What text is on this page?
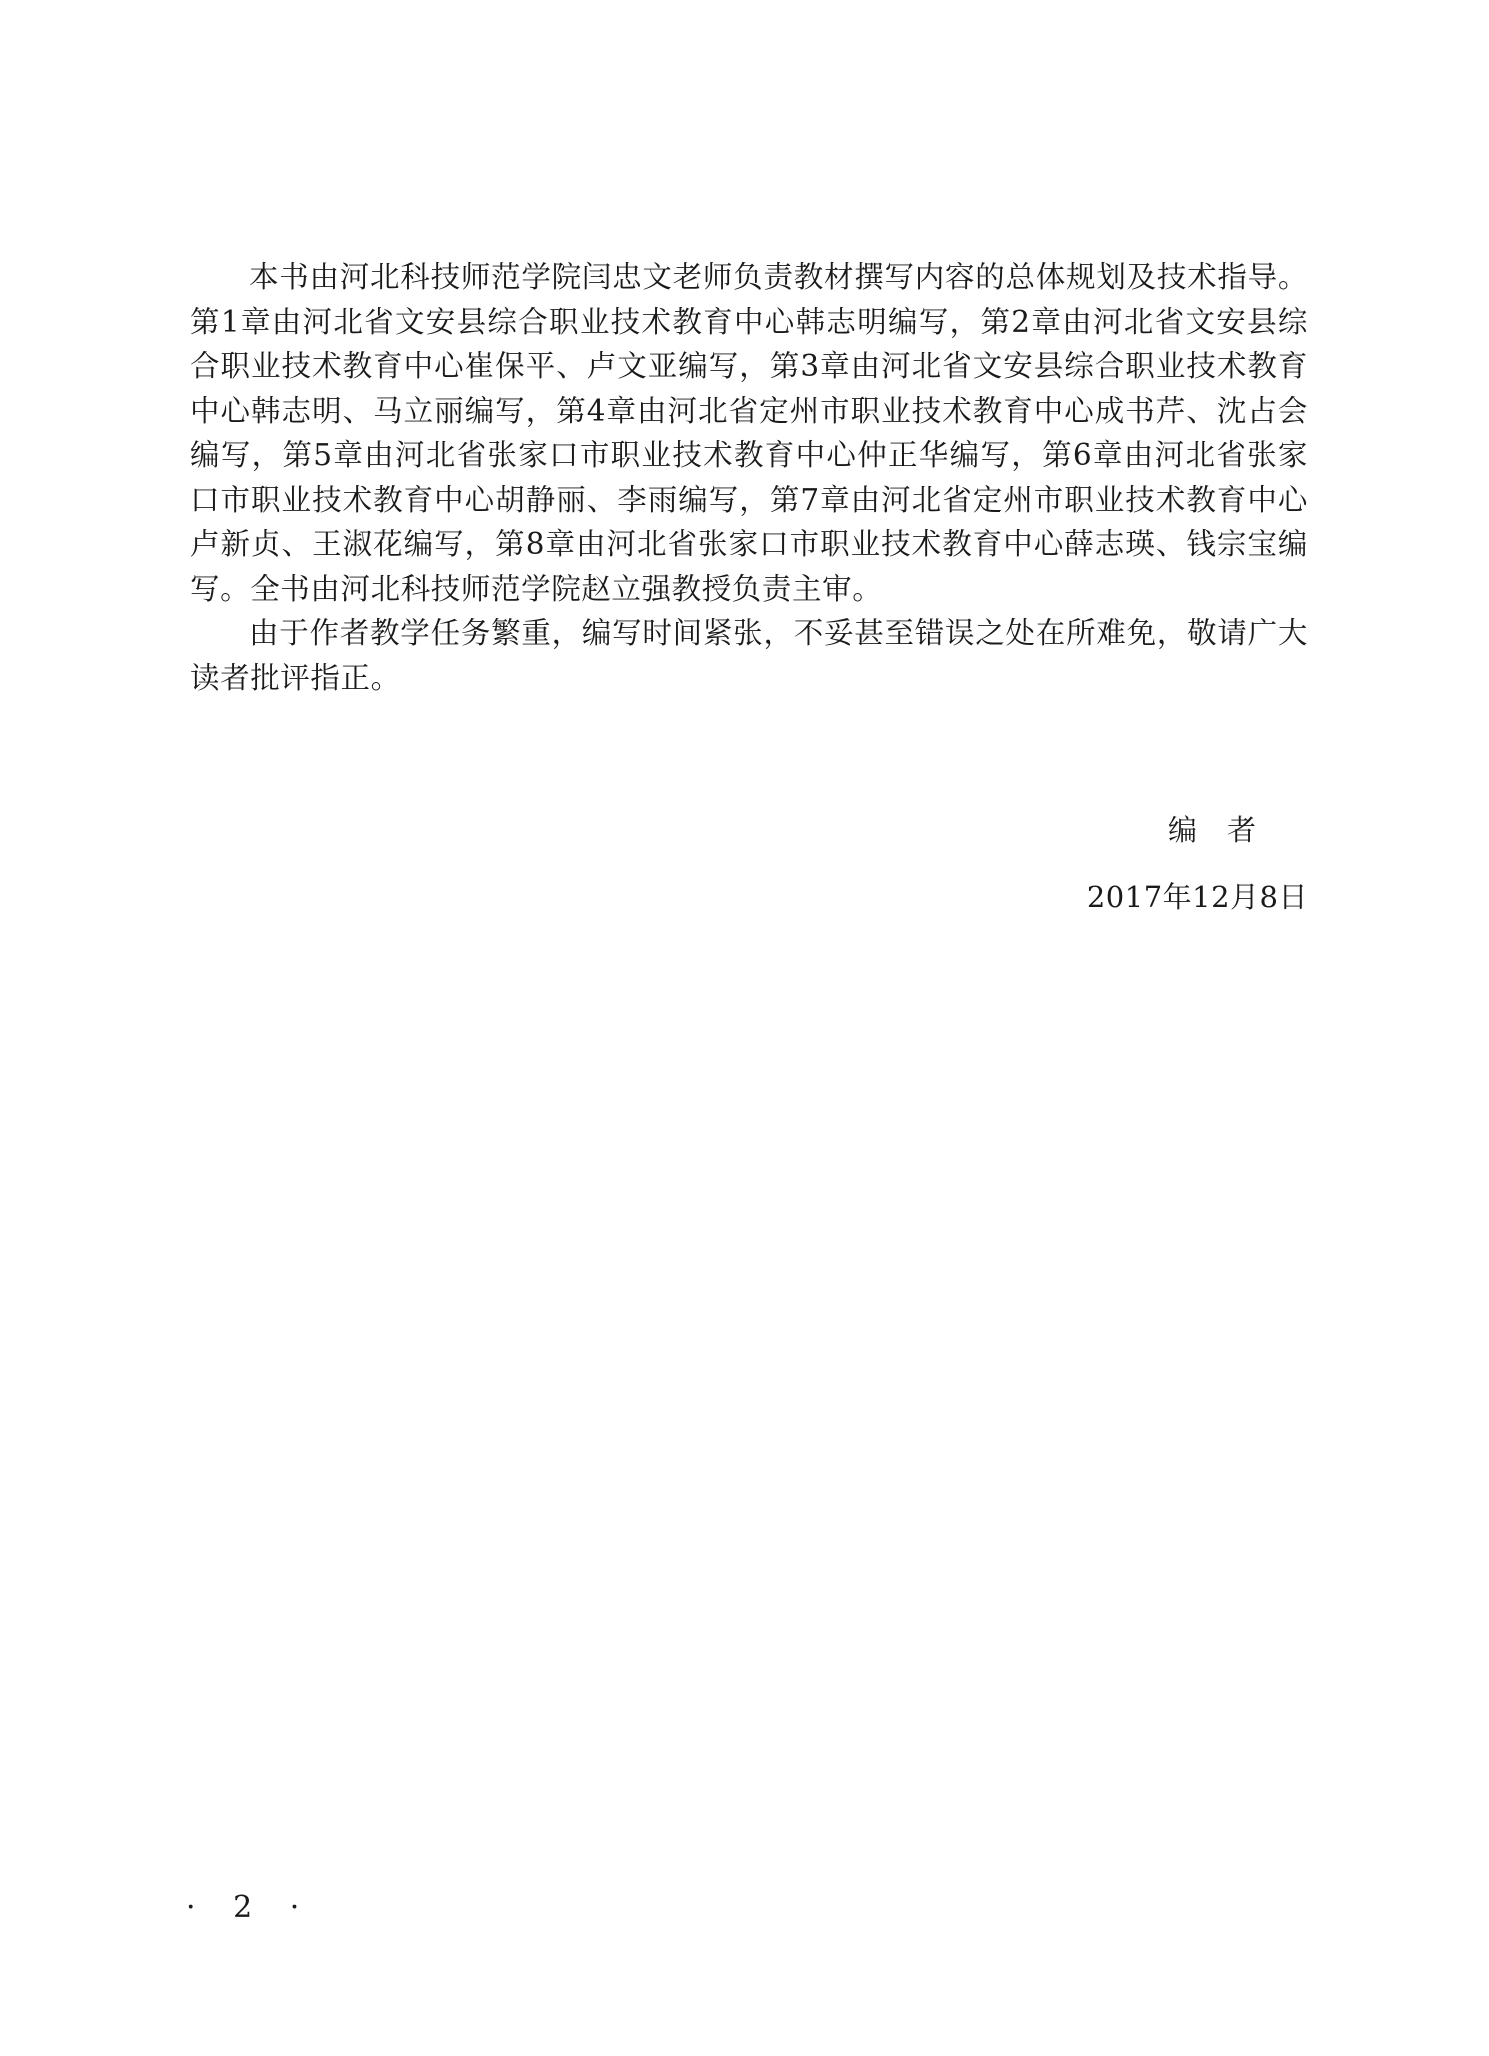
本书由河北科技师范学院闫忠文老师负责教材撰写内容的总体规划及技术指导。第1章由河北省文安县综合职业技术教育中心韩志明编写，第2章由河北省文安县综合职业技术教育中心崔保平、卢文亚编写，第3章由河北省文安县综合职业技术教育中心韩志明、马立丽编写，第4章由河北省定州市职业技术教育中心成书芹、沈占会编写，第5章由河北省张家口市职业技术教育中心仲正华编写，第6章由河北省张家口市职业技术教育中心胡静丽、李雨编写，第7章由河北省定州市职业技术教育中心卢新贞、王淑花编写，第8章由河北省张家口市职业技术教育中心薛志瑛、钱宗宝编写。全书由河北科技师范学院赵立强教授负责主审。

由于作者教学任务繁重，编写时间紧张，不妥甚至错误之处在所难免，敬请广大读者批评指正。

编者
2017年12月8日
· 2 ·
